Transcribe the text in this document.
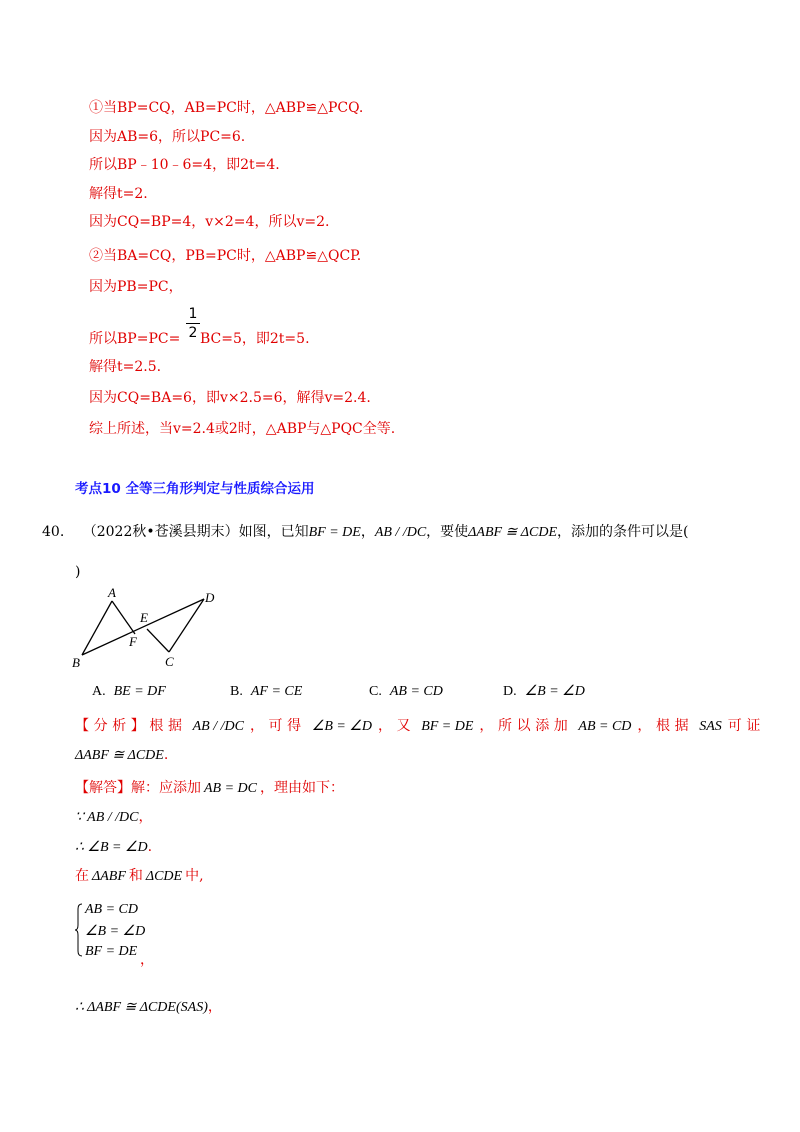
①当BP=CQ，AB=PC时，△ABP≌△PCQ.
因为AB=6，所以PC=6.
所以BP﹣10﹣6=4，即2t=4.
解得t=2.
因为CQ=BP=4，v×2=4，所以v=2.
②当BA=CQ，PB=PC时，△ABP≌△QCP.
因为PB=PC，
所以BP=PC=
1
2 BC=5，即2t=5.
解得t=2.5.
因为CQ=BA=6，即v×2.5=6，解得v=2.4.
综上所述，当v=2.4或2时，△ABP与△PQC全等.
考点10 全等三角形判定与性质综合运用
40. （2022秋•苍溪县期末）如图，已知BF = DE，AB / /DC，要使ΔABF ≅ ΔCDE，添加的条件可以是(
)
A
B	C
D
E
F
A. BE = DF	B. AF = CE	C. AB = CD	D. ∠B = ∠D
【分析】根据 AB / /DC ，可得 ∠B = ∠D ，又 BF = DE ，所以添加 AB = CD ，根据 SAS 可证
ΔABF ≅ ΔCDE.
【解答】解：应添加 AB = DC ，理由如下：
∵ AB / /DC，
∴ ∠B = ∠D.
在 ΔABF 和 ΔCDE 中,
AB = CD
∠B = ∠D
BF = DE
，
∴ ΔABF ≅ ΔCDE(SAS)，
